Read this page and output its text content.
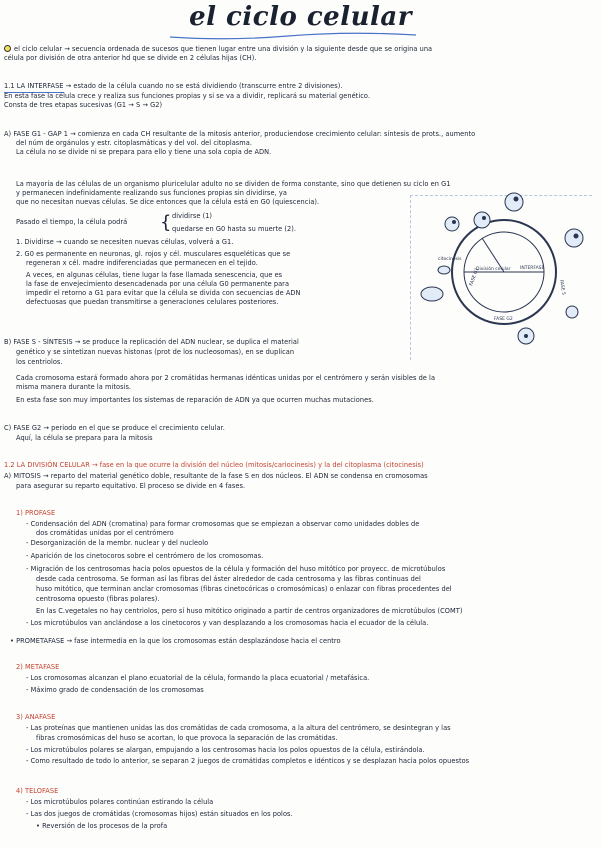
el ciclo celular
el ciclo celular → secuencia ordenada de sucesos que tienen lugar entre una división y la siguiente desde que se origina una
célula por división de otra anterior hd que se divide en 2 células hijas (CH).
1.1 LA INTERFASE → estado de la célula cuando no se está dividiendo (transcurre entre 2 divisiones).
En esta fase la célula crece y realiza sus funciones propias y si se va a dividir, replicará su material genético.
Consta de tres etapas sucesivas (G1 → S → G2)
A) FASE G1 - GAP 1 → comienza en cada CH resultante de la mitosis anterior, produciendose crecimiento celular: síntesis de prots., aumento
del núm de orgánulos y estr. citoplasmáticas y del vol. del citoplasma.
La célula no se divide ni se prepara para ello y tiene una sola copia de ADN.
La mayoría de las células de un organismo pluricelular adulto no se dividen de forma constante, sino que detienen su ciclo en G1
y permanecen indefinidamente realizando sus funciones propias sin dividirse, ya
que no necesitan nuevas células. Se dice entonces que la célula está en G0 (quiescencia).
Pasado el tiempo, la célula podrá { dividirse (1)
quedarse en G0 hasta su muerte (2).
1. Dividirse → cuando se necesiten nuevas células, volverá a G1.
2. G0 es permanente en neuronas, gl. rojos y cél. musculares esqueléticas que se
regeneran x cél. madre indiferenciadas que permanecen en el tejido.
A veces, en algunas células, tiene lugar la fase llamada senescencia, que es
la fase de envejecimiento desencadenada por una célula G0 permanente para
impedir el retorno a G1 para evitar que la célula se divida con secuencias de ADN
defectuosas que puedan transmitirse a generaciones celulares posteriores.
División celular INTERFASE
citocinesis
FASE S
FASE G2
FASE G1
B) FASE S - SÍNTESIS → se produce la replicación del ADN nuclear, se duplica el material
genético y se sintetizan nuevas histonas (prot de los nucleosomas), en se duplican
los centriolos.
Cada cromosoma estará formado ahora por 2 cromátidas hermanas idénticas unidas por el centrómero y serán visibles de la
misma manera durante la mitosis.
En esta fase son muy importantes los sistemas de reparación de ADN ya que ocurren muchas mutaciones.
C) FASE G2 → periodo en el que se produce el crecimiento celular.
Aquí, la célula se prepara para la mitosis
1.2 LA DIVISIÓN CELULAR → fase en la que ocurre la división del núcleo (mitosis/cariocinesis) y la del citoplasma (citocinesis)
A) MITOSIS → reparto del material genético doble, resultante de la fase S en dos núcleos. El ADN se condensa en cromosomas
para asegurar su reparto equitativo. El proceso se divide en 4 fases.
1) PROFASE
- Condensación del ADN (cromatina) para formar cromosomas que se empiezan a observar como unidades dobles de
dos cromátidas unidas por el centrómero
- Desorganización de la membr. nuclear y del nucleolo
- Aparición de los cinetocoros sobre el centrómero de los cromosomas.
- Migración de los centrosomas hacia polos opuestos de la célula y formación del huso mitótico por proyecc. de microtúbulos
desde cada centrosoma. Se forman así las fibras del áster alrededor de cada centrosoma y las fibras continuas del
huso mitótico, que terminan anclar cromosomas (fibras cinetocóricas o cromosómicas) o enlazar con fibras procedentes del
centrosoma opuesto (fibras polares).
En las C.vegetales no hay centriolos, pero sí huso mitótico originado a partir de centros organizadores de microtúbulos (COMT)
- Los microtúbulos van anclándose a los cinetocoros y van desplazando a los cromosomas hacia el ecuador de la célula.
• PROMETAFASE → fase intermedia en la que los cromosomas están desplazándose hacia el centro
2) METAFASE
- Los cromosomas alcanzan el plano ecuatorial de la célula, formando la placa ecuatorial / metafásica.
- Máximo grado de condensación de los cromosomas
3) ANAFASE
- Las proteínas que mantienen unidas las dos cromátidas de cada cromosoma, a la altura del centrómero, se desintegran y las
fibras cromosómicas del huso se acortan, lo que provoca la separación de las cromátidas.
- Los microtúbulos polares se alargan, empujando a los centrosomas hacia los polos opuestos de la célula, estirándola.
- Como resultado de todo lo anterior, se separan 2 juegos de cromátidas completos e idénticos y se desplazan hacia polos opuestos
4) TELOFASE
- Los microtúbulos polares continúan estirando la célula
- Las dos juegos de cromátidas (cromosomas hijos) están situados en los polos.
• Reversión de los procesos de la profa
